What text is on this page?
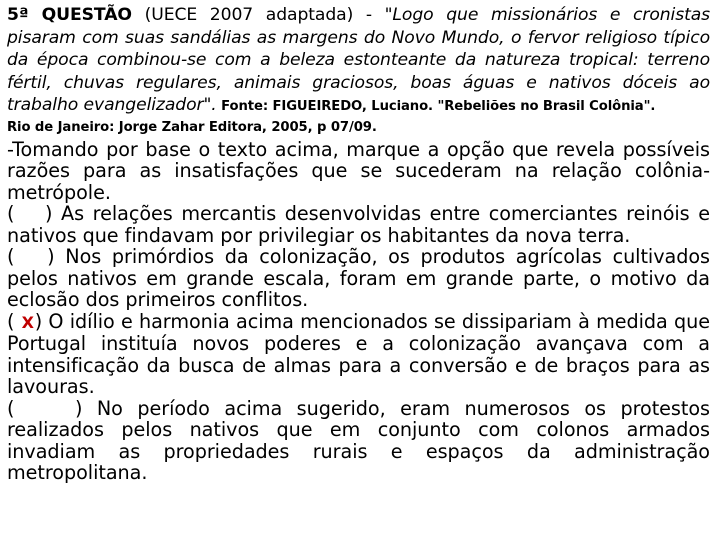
5ª QUESTÃO (UECE 2007 adaptada) - "Logo que missionários e cronistas pisaram com suas sandálias as margens do Novo Mundo, o fervor religioso típico da época combinou-se com a beleza estonteante da natureza tropical: terreno fértil, chuvas regulares, animais graciosos, boas águas e nativos dóceis ao trabalho evangelizador". Fonte: FIGUEIREDO, Luciano. "Rebeliões no Brasil Colônia".
Rio de Janeiro: Jorge Zahar Editora, 2005, p 07/09.

-Tomando por base o texto acima, marque a opção que revela possíveis razões para as insatisfações que se sucederam na relação colônia-metrópole.

( ) As relações mercantis desenvolvidas entre comerciantes reinóis e nativos que findavam por privilegiar os habitantes da nova terra.

( ) Nos primórdios da colonização, os produtos agrícolas cultivados pelos nativos em grande escala, foram em grande parte, o motivo da eclosão dos primeiros conflitos.

( X) O idílio e harmonia acima mencionados se dissipariam à medida que Portugal instituía novos poderes e a colonização avançava com a intensificação da busca de almas para a conversão e de braços para as lavouras.

( ) No período acima sugerido, eram numerosos os protestos realizados pelos nativos que em conjunto com colonos armados invadiam as propriedades rurais e espaços da administração metropolitana.
